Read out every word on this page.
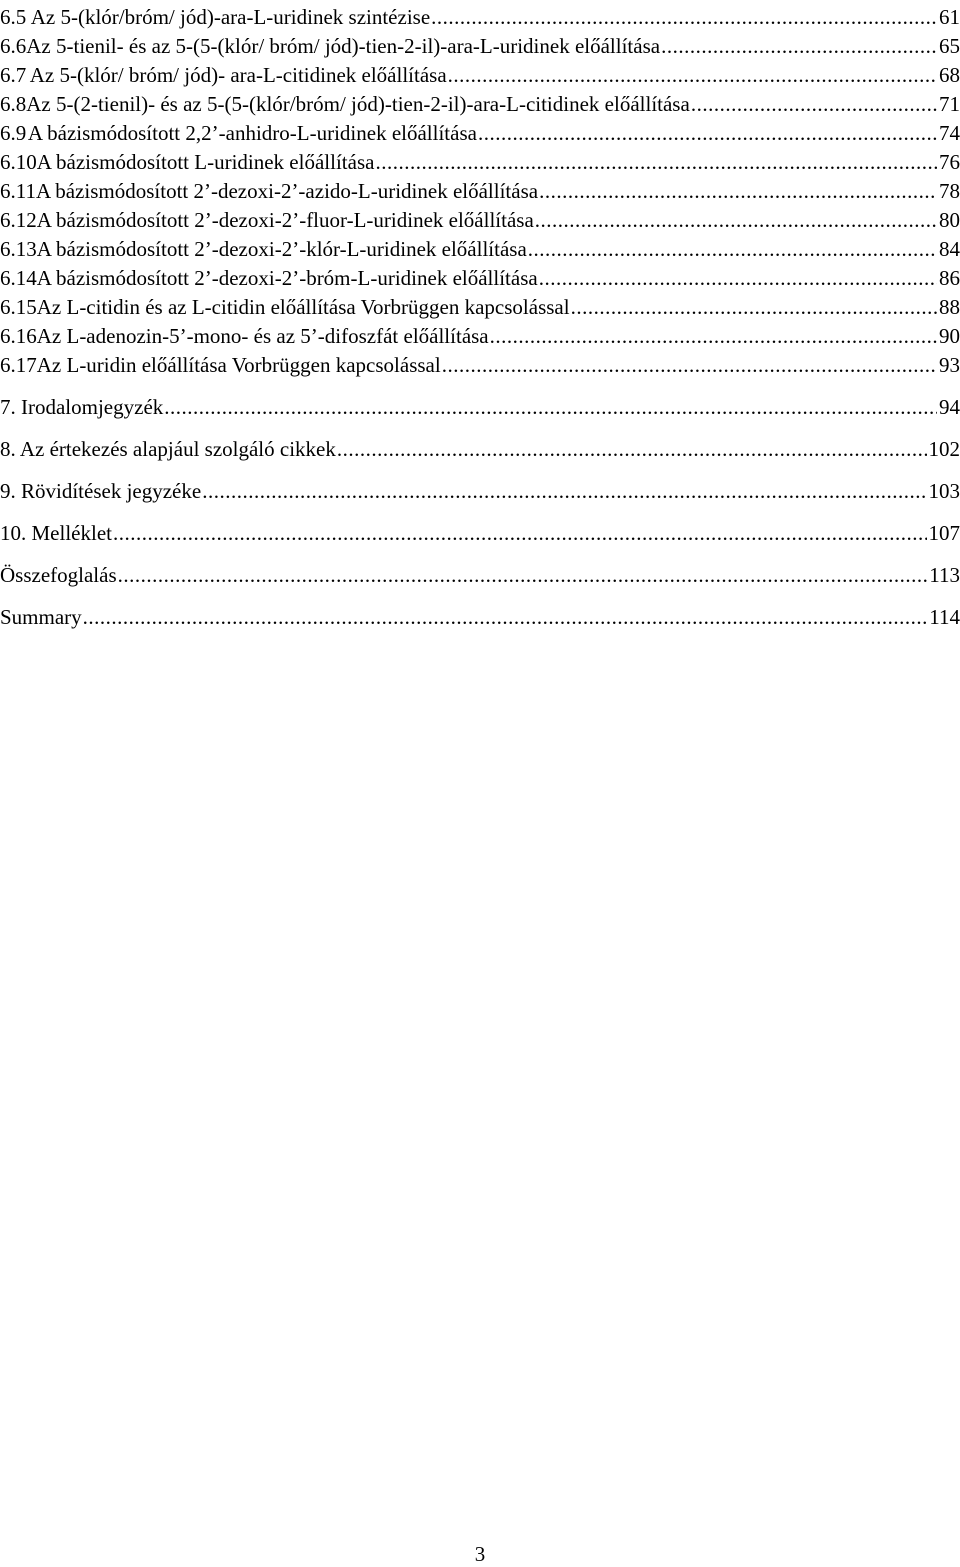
6.5 Az 5-(klór/bróm/ jód)-ara-L-uridinek szintézise .....	61
6.6 Az 5-tienil- és az 5-(5-(klór/ bróm/ jód)-tien-2-il)-ara-L-uridinek előállítása .....	65
6.7 Az 5-(klór/ bróm/ jód)- ara-L-citidinek előállítása .....	68
6.8 Az 5-(2-tienil)- és az 5-(5-(klór/bróm/ jód)-tien-2-il)-ara-L-citidinek előállítása .....	71
6.9 A bázismódosított 2,2’-anhidro-L-uridinek előállítása .....	74
6.10 A bázismódosított L-uridinek előállítása .....	76
6.11 A bázismódosított 2’-dezoxi-2’-azido-L-uridinek előállítása .....	78
6.12 A bázismódosított 2’-dezoxi-2’-fluor-L-uridinek előállítása .....	80
6.13 A bázismódosított 2’-dezoxi-2’-klór-L-uridinek előállítása .....	84
6.14 A bázismódosított 2’-dezoxi-2’-bróm-L-uridinek előállítása .....	86
6.15 Az L-citidin és az L-citidin előállítása Vorbrüggen kapcsolással .....	88
6.16 Az L-adenozin-5’-mono- és az 5’-difoszfát előállítása .....	90
6.17 Az L-uridin előállítása Vorbrüggen kapcsolással .....	93
7. Irodalomjegyzék .....	94
8. Az értekezés alapjául szolgáló cikkek .....	102
9. Rövidítések jegyzéke .....	103
10. Melléklet .....	107
Összefoglalás .....	113
Summary .....	114
3
